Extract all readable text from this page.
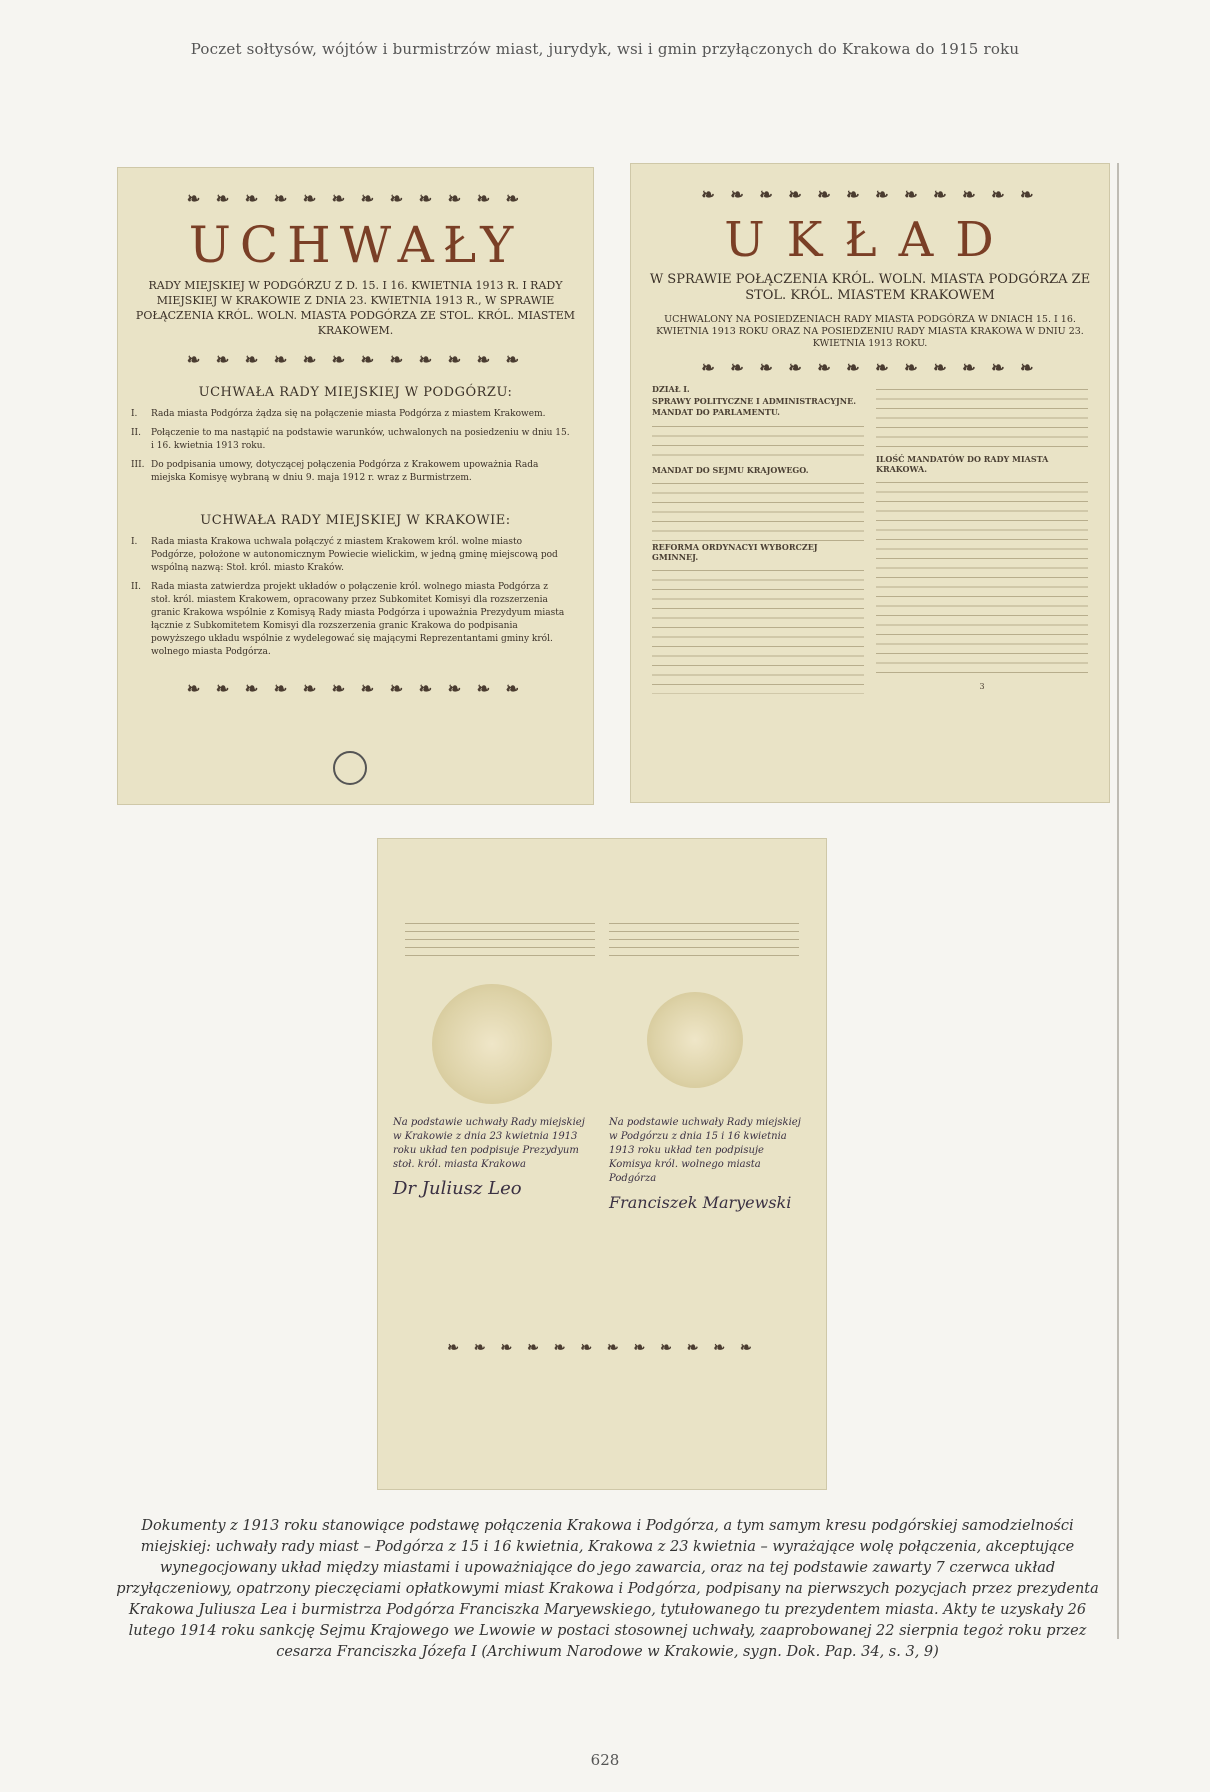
Poczet sołtysów, wójtów i burmistrzów miast, jurydyk, wsi i gmin przyłączonych do Krakowa do 1915 roku
❧ ❧ ❧ ❧ ❧ ❧ ❧ ❧ ❧ ❧ ❧ ❧
UCHWAŁY
RADY MIEJSKIEJ W PODGÓRZU Z D. 15. I 16. KWIETNIA 1913 R. I RADY MIEJSKIEJ W KRAKOWIE Z DNIA 23. KWIETNIA 1913 R., W SPRAWIE POŁĄCZENIA KRÓL. WOLN. MIASTA PODGÓRZA ZE STOL. KRÓL. MIASTEM KRAKOWEM.
❧ ❧ ❧ ❧ ❧ ❧ ❧ ❧ ❧ ❧ ❧ ❧
UCHWAŁA RADY MIEJSKIEJ W PODGÓRZU:
I. Rada miasta Podgórza żądza się na połączenie miasta Podgórza z miastem Krakowem.
II. Połączenie to ma nastąpić na podstawie warunków, uchwalonych na posiedzeniu w dniu 15. i 16. kwietnia 1913 roku.
III. Do podpisania umowy, dotyczącej połączenia Podgórza z Krakowem upoważnia Rada miejska Komisyę wybraną w dniu 9. maja 1912 r. wraz z Burmistrzem.
UCHWAŁA RADY MIEJSKIEJ W KRAKOWIE:
I. Rada miasta Krakowa uchwala połączyć z miastem Krakowem król. wolne miasto Podgórze, położone w autonomicznym Powiecie wielickim, w jedną gminę miejscową pod wspólną nazwą: Stoł. król. miasto Kraków.
II. Rada miasta zatwierdza projekt układów o połączenie król. wolnego miasta Podgórza z stoł. król. miastem Krakowem, opracowany przez Subkomitet Komisyi dla rozszerzenia granic Krakowa wspólnie z Komisyą Rady miasta Podgórza i upoważnia Prezydyum miasta łącznie z Subkomitetem Komisyi dla rozszerzenia granic Krakowa do podpisania powyższego układu wspólnie z wydelegować się mającymi Reprezentantami gminy król. wolnego miasta Podgórza.
❧ ❧ ❧ ❧ ❧ ❧ ❧ ❧ ❧ ❧ ❧ ❧
❧ ❧ ❧ ❧ ❧ ❧ ❧ ❧ ❧ ❧ ❧ ❧
UKŁAD
W SPRAWIE POŁĄCZENIA KRÓL. WOLN. MIASTA PODGÓRZA ZE STOL. KRÓL. MIASTEM KRAKOWEM
UCHWALONY NA POSIEDZENIACH RADY MIASTA PODGÓRZA W DNIACH 15. I 16. KWIETNIA 1913 ROKU ORAZ NA POSIEDZENIU RADY MIASTA KRAKOWA W DNIU 23. KWIETNIA 1913 ROKU.
❧ ❧ ❧ ❧ ❧ ❧ ❧ ❧ ❧ ❧ ❧ ❧
DZIAŁ I.
SPRAWY POLITYCZNE I ADMINISTRACYJNE.
MANDAT DO PARLAMENTU.
MANDAT DO SEJMU KRAJOWEGO.
REFORMA ORDYNACYI WYBORCZEJ GMINNEJ.
ILOŚĆ MANDATÓW DO RADY MIASTA KRAKOWA.
3
Na podstawie uchwały Rady miejskiej w Krakowie z dnia 23 kwietnia 1913 roku układ ten podpisuje Prezydyum stoł. król. miasta Krakowa
Dr Juliusz Leo
Na podstawie uchwały Rady miejskiej w Podgórzu z dnia 15 i 16 kwietnia 1913 roku układ ten podpisuje Komisya król. wolnego miasta Podgórza
Franciszek Maryewski
❧ ❧ ❧ ❧ ❧ ❧ ❧ ❧ ❧ ❧ ❧ ❧
Dokumenty z 1913 roku stanowiące podstawę połączenia Krakowa i Podgórza, a tym samym kresu podgórskiej samodzielności miejskiej: uchwały rady miast – Podgórza z 15 i 16 kwietnia, Krakowa z 23 kwietnia – wyrażające wolę połączenia, akceptujące wynegocjowany układ między miastami i upoważniające do jego zawarcia, oraz na tej podstawie zawarty 7 czerwca układ przyłączeniowy, opatrzony pieczęciami opłatkowymi miast Krakowa i Podgórza, podpisany na pierwszych pozycjach przez prezydenta Krakowa Juliusza Lea i burmistrza Podgórza Franciszka Maryewskiego, tytułowanego tu prezydentem miasta. Akty te uzyskały 26 lutego 1914 roku sankcję Sejmu Krajowego we Lwowie w postaci stosownej uchwały, zaaprobowanej 22 sierpnia tegoż roku przez cesarza Franciszka Józefa I (Archiwum Narodowe w Krakowie, sygn. Dok. Pap. 34, s. 3, 9)
628
